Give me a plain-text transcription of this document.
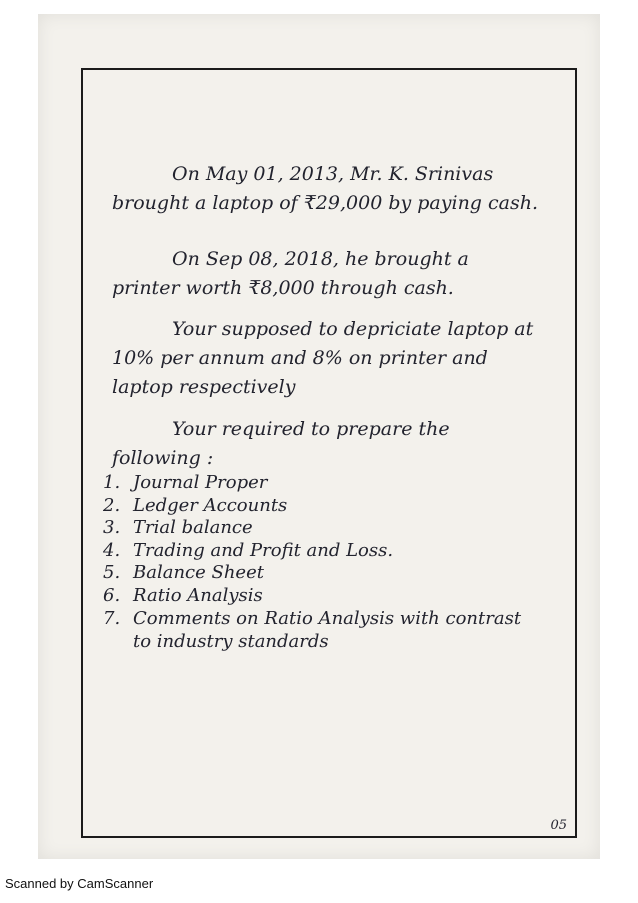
On May 01, 2013, Mr. K. Srinivas brought a laptop of ₹29,000 by paying cash.

On Sep 08, 2018, he brought a printer worth ₹8,000 through cash.

Your supposed to depriciate laptop at 10% per annum and 8% on printer and laptop respectively

Your required to prepare the following :

1. Journal Proper
2. Ledger Accounts
3. Trial balance
4. Trading and Profit and Loss.
5. Balance Sheet
6. Ratio Analysis
7. Comments on Ratio Analysis with contrast to industry standards
05
Scanned by CamScanner
